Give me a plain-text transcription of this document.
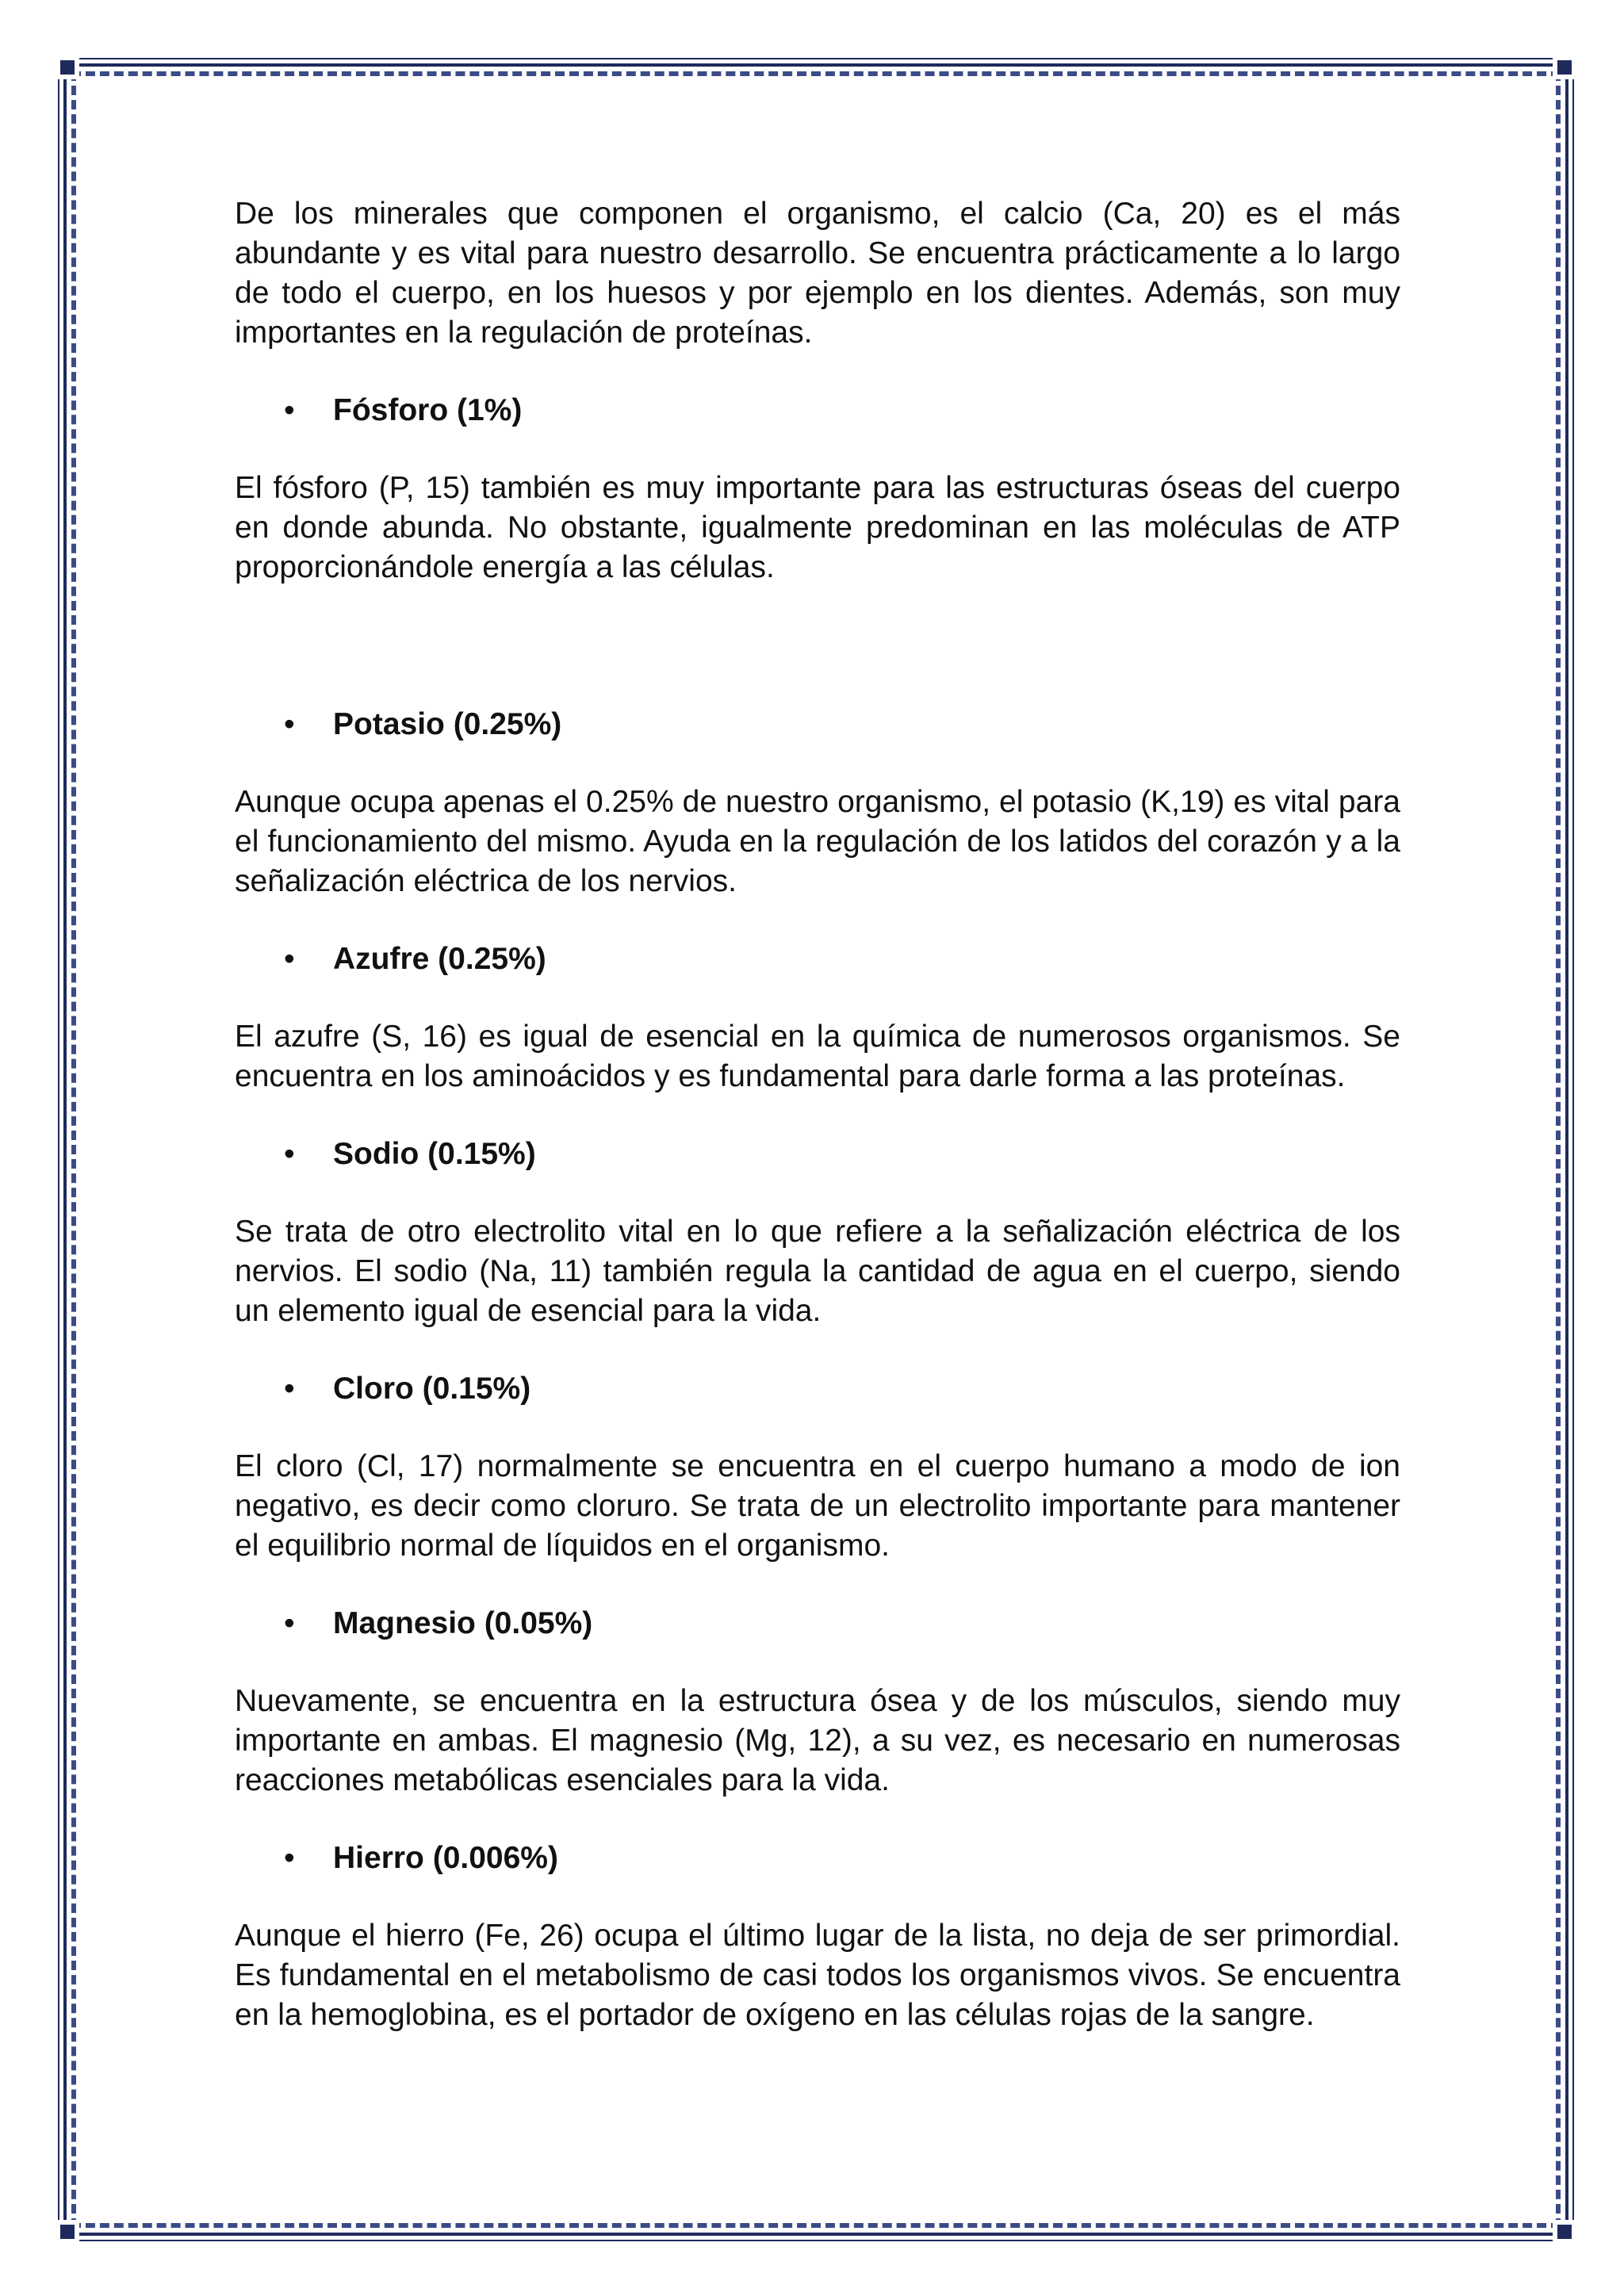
De los minerales que componen el organismo, el calcio (Ca, 20) es el más abundante y es vital para nuestro desarrollo. Se encuentra prácticamente a lo largo de todo el cuerpo, en los huesos y por ejemplo en los dientes. Además, son muy importantes en la regulación de proteínas.

• Fósforo (1%)

El fósforo (P, 15) también es muy importante para las estructuras óseas del cuerpo en donde abunda. No obstante, igualmente predominan en las moléculas de ATP proporcionándole energía a las células.

• Potasio (0.25%)

Aunque ocupa apenas el 0.25% de nuestro organismo, el potasio (K,19) es vital para el funcionamiento del mismo. Ayuda en la regulación de los latidos del corazón y a la señalización eléctrica de los nervios.

• Azufre (0.25%)

El azufre (S, 16) es igual de esencial en la química de numerosos organismos. Se encuentra en los aminoácidos y es fundamental para darle forma a las proteínas.

• Sodio (0.15%)

Se trata de otro electrolito vital en lo que refiere a la señalización eléctrica de los nervios. El sodio (Na, 11) también regula la cantidad de agua en el cuerpo, siendo un elemento igual de esencial para la vida.

• Cloro (0.15%)

El cloro (Cl, 17) normalmente se encuentra en el cuerpo humano a modo de ion negativo, es decir como cloruro. Se trata de un electrolito importante para mantener el equilibrio normal de líquidos en el organismo.

• Magnesio (0.05%)

Nuevamente, se encuentra en la estructura ósea y de los músculos, siendo muy importante en ambas. El magnesio (Mg, 12), a su vez, es necesario en numerosas reacciones metabólicas esenciales para la vida.

• Hierro (0.006%)

Aunque el hierro (Fe, 26) ocupa el último lugar de la lista, no deja de ser primordial. Es fundamental en el metabolismo de casi todos los organismos vivos. Se encuentra en la hemoglobina, es el portador de oxígeno en las células rojas de la sangre.
